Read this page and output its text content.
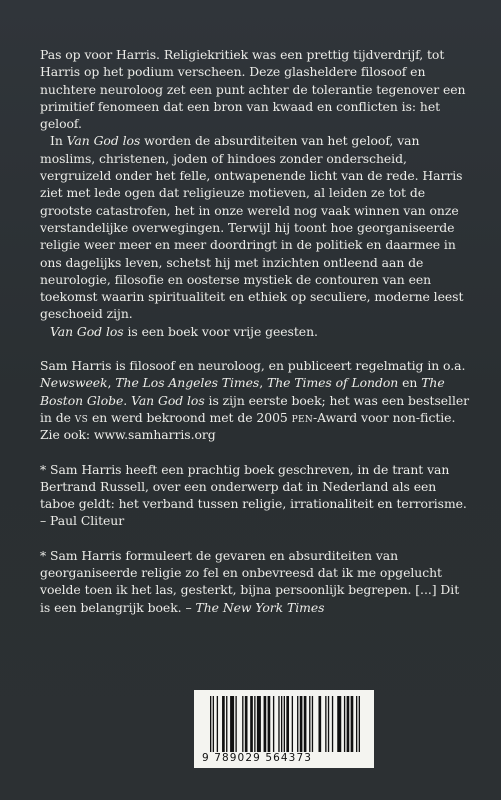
Pas op voor Harris. Religiekritiek was een prettig tijdverdrijf, tot Harris op het podium verscheen. Deze glasheldere filosoof en nuchtere neuroloog zet een punt achter de tolerantie tegenover een primitief fenomeen dat een bron van kwaad en conflicten is: het geloof.

In Van God los worden de absurditeiten van het geloof, van moslims, christenen, joden of hindoes zonder onderscheid, vergruizeld onder het felle, ontwapenende licht van de rede. Harris ziet met lede ogen dat religieuze motieven, al leiden ze tot de grootste catastrofen, het in onze wereld nog vaak winnen van onze verstandelijke overwegingen. Terwijl hij toont hoe georganiseerde religie weer meer en meer doordringt in de politiek en daarmee in ons dagelijks leven, schetst hij met inzichten ontleend aan de neurologie, filosofie en oosterse mystiek de contouren van een toekomst waarin spiritualiteit en ethiek op seculiere, moderne leest geschoeid zijn.

Van God los is een boek voor vrije geesten.

Sam Harris is filosoof en neuroloog, en publiceert regelmatig in o.a. Newsweek, The Los Angeles Times, The Times of London en The Boston Globe. Van God los is zijn eerste boek; het was een bestseller in de vs en werd bekroond met de 2005 pen-Award voor non-fictie. Zie ook: www.samharris.org

* Sam Harris heeft een prachtig boek geschreven, in de trant van Bertrand Russell, over een onderwerp dat in Nederland als een taboe geldt: het verband tussen religie, irrationaliteit en terrorisme. – Paul Cliteur

* Sam Harris formuleert de gevaren en absurditeiten van georganiseerde religie zo fel en onbevreesd dat ik me opgelucht voelde toen ik het las, gesterkt, bijna persoonlijk begrepen. [...] Dit is een belangrijk boek. – The New York Times

9 789029 564373
